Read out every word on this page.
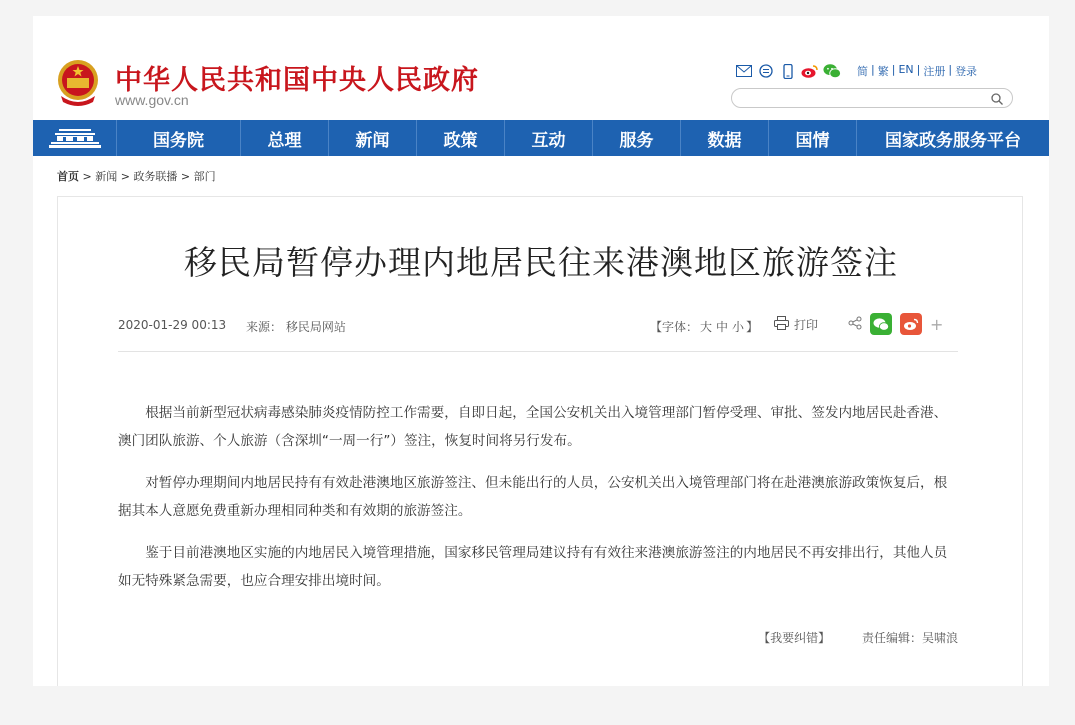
中华人民共和国中央人民政府
www.gov.cn
简 | 繁 | EN | 注册 | 登录
国务院	总理	新闻	政策	互动	服务	数据	国情	国家政务服务平台
首页 > 新闻 > 政务联播 > 部门
移民局暂停办理内地居民往来港澳地区旅游签注
2020-01-29 00:13 来源： 移民局网站	【字体： 大 中 小 】	打印	+

根据当前新型冠状病毒感染肺炎疫情防控工作需要，自即日起，全国公安机关出入境管理部门暂停受理、审批、签发内地居民赴香港、澳门团队旅游、个人旅游（含深圳“一周一行”）签注，恢复时间将另行发布。

对暂停办理期间内地居民持有有效赴港澳地区旅游签注、但未能出行的人员，公安机关出入境管理部门将在赴港澳旅游政策恢复后，根据其本人意愿免费重新办理相同种类和有效期的旅游签注。

鉴于目前港澳地区实施的内地居民入境管理措施，国家移民管理局建议持有有效往来港澳旅游签注的内地居民不再安排出行，其他人员如无特殊紧急需要，也应合理安排出境时间。

【我要纠错】	责任编辑：吴啸浪
